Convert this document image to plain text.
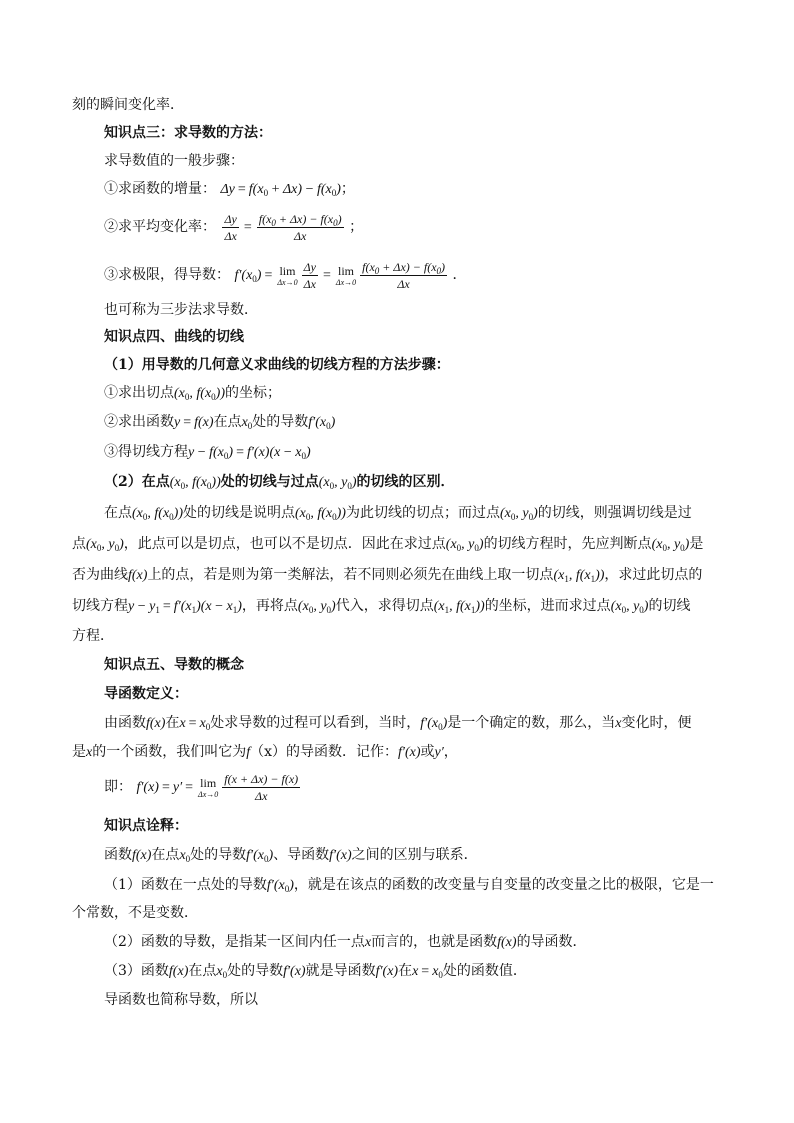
刻的瞬间变化率．
知识点三：求导数的方法：
求导数值的一般步骤：
①求函数的增量： $\Delta y = f(x_0 + \Delta x) - f(x_0)$；
②求平均变化率： $\frac{\Delta y}{\Delta x} = \frac{f(x_0 + \Delta x) - f(x_0)}{\Delta x}$ ；
③求极限，得导数： $f'(x_0) = \lim$
$\Delta x\to 0 \frac{\Delta y}{\Delta x} = \lim$
$\Delta x\to 0 \frac{f(x_0 + \Delta x) - f(x_0)}{\Delta x}$ ．
也可称为三步法求导数．
知识点四、曲线的切线
（1）用导数的几何意义求曲线的切线方程的方法步骤：
①求出切点($x_0$, $f(x_0)$)的坐标；
②求出函数y = f(x)在点$x_0$处的导数$f'(x_0)$
③得切线方程$y - f(x_0) = f'(x)(x - x_0)$
（2）在点($x_0$, $f(x_0)$)处的切线与过点($x_0$, $y_0$)的切线的区别．
在点($x_0$, $f(x_0)$)处的切线是说明点($x_0$, $f(x_0)$)为此切线的切点；而过点($x_0$, $y_0$)的切线，则强调切线是过
点($x_0$, $y_0$)，此点可以是切点，也可以不是切点．因此在求过点($x_0$, $y_0$)的切线方程时，先应判断点($x_0$, $y_0$)是
否为曲线f(x)上的点，若是则为第一类解法，若不同则必须先在曲线上取一切点($x_1$, $f(x_1)$)，求过此切点的
切线方程$y - y_1 = f'(x_1)(x - x_1)$，再将点($x_0$, $y_0$)代入，求得切点($x_1$, $f(x_1)$)的坐标，进而求过点($x_0$, $y_0$)的切线
方程．
知识点五、导数的概念
导函数定义：
由函数f(x)在$x = x_0$处求导数的过程可以看到，当时，$f'(x_0)$是一个确定的数，那么，当x变化时，便
是x的一个函数，我们叫它为f（x）的导函数．记作：f′(x)或y′，
即： f′(x) = y′ = lim
$\Delta x\to 0 \frac{f(x + \Delta x) - f(x)}{\Delta x}$
知识点诠释：
函数f(x)在点$x_0$处的导数$f'(x_0)$、导函数f′(x)之间的区别与联系．
（1）函数在一点处的导数$f'(x_0)$，就是在该点的函数的改变量与自变量的改变量之比的极限，它是一
个常数，不是变数．
（2）函数的导数，是指某一区间内任一点x而言的，也就是函数f(x)的导函数．
（3）函数f(x)在点$x_0$处的导数f′(x)就是导函数f′(x)在$x = x_0$处的函数值．
导函数也简称导数，所以
